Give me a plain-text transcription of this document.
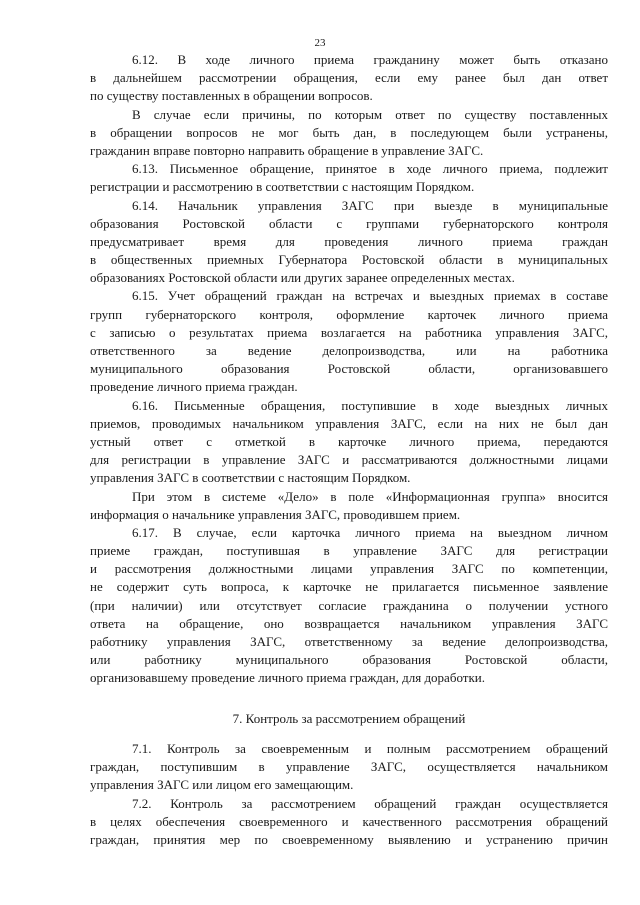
23
6.12. В ходе личного приема гражданину может быть отказано
в дальнейшем рассмотрении обращения, если ему ранее был дан ответ
по существу поставленных в обращении вопросов.
В случае если причины, по которым ответ по существу поставленных
в обращении вопросов не мог быть дан, в последующем были устранены,
гражданин вправе повторно направить обращение в управление ЗАГС.
6.13. Письменное обращение, принятое в ходе личного приема, подлежит
регистрации и рассмотрению в соответствии с настоящим Порядком.
6.14. Начальник управления ЗАГС при выезде в муниципальные
образования Ростовской области с группами губернаторского контроля
предусматривает время для проведения личного приема граждан
в общественных приемных Губернатора Ростовской области в муниципальных
образованиях Ростовской области или других заранее определенных местах.
6.15. Учет обращений граждан на встречах и выездных приемах в составе
групп губернаторского контроля, оформление карточек личного приема
с записью о результатах приема возлагается на работника управления ЗАГС,
ответственного за ведение делопроизводства, или на работника
муниципального образования Ростовской области, организовавшего
проведение личного приема граждан.
6.16. Письменные обращения, поступившие в ходе выездных личных
приемов, проводимых начальником управления ЗАГС, если на них не был дан
устный ответ с отметкой в карточке личного приема, передаются
для регистрации в управление ЗАГС и рассматриваются должностными лицами
управления ЗАГС в соответствии с настоящим Порядком.
При этом в системе «Дело» в поле «Информационная группа» вносится
информация о начальнике управления ЗАГС, проводившем прием.
6.17. В случае, если карточка личного приема на выездном личном
приеме граждан, поступившая в управление ЗАГС для регистрации
и рассмотрения должностными лицами управления ЗАГС по компетенции,
не содержит суть вопроса, к карточке не прилагается письменное заявление
(при наличии) или отсутствует согласие гражданина о получении устного
ответа на обращение, оно возвращается начальником управления ЗАГС
работнику управления ЗАГС, ответственному за ведение делопроизводства,
или работнику муниципального образования Ростовской области,
организовавшему проведение личного приема граждан, для доработки.
7. Контроль за рассмотрением обращений
7.1. Контроль за своевременным и полным рассмотрением обращений
граждан, поступившим в управление ЗАГС, осуществляется начальником
управления ЗАГС или лицом его замещающим.
7.2. Контроль за рассмотрением обращений граждан осуществляется
в целях обеспечения своевременного и качественного рассмотрения обращений
граждан, принятия мер по своевременному выявлению и устранению причин
